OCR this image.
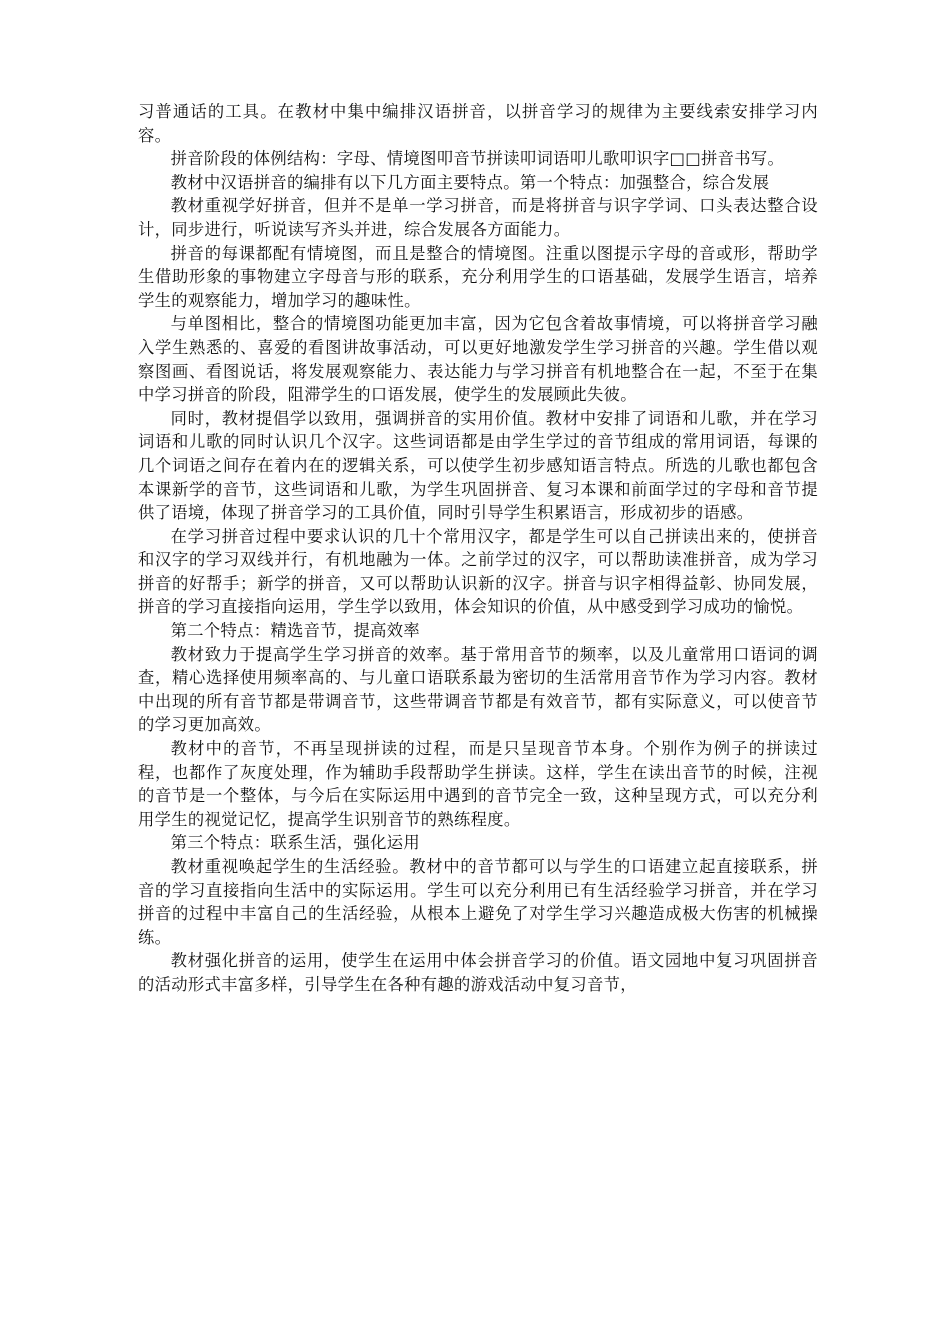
习普通话的工具。在教材中集中编排汉语拼音，以拼音学习的规律为主要线索安排学习内容。

拼音阶段的体例结构：字母、情境图叩音节拼读叩词语叩儿歌叩识字□□拼音书写。

教材中汉语拼音的编排有以下几方面主要特点。第一个特点：加强整合，综合发展

教材重视学好拼音，但并不是单一学习拼音，而是将拼音与识字学词、口头表达整合设计，同步进行，听说读写齐头并进，综合发展各方面能力。

拼音的每课都配有情境图，而且是整合的情境图。注重以图提示字母的音或形，帮助学生借助形象的事物建立字母音与形的联系，充分利用学生的口语基础，发展学生语言，培养学生的观察能力，增加学习的趣味性。

与单图相比，整合的情境图功能更加丰富，因为它包含着故事情境，可以将拼音学习融入学生熟悉的、喜爱的看图讲故事活动，可以更好地激发学生学习拼音的兴趣。学生借以观察图画、看图说话，将发展观察能力、表达能力与学习拼音有机地整合在一起，不至于在集中学习拼音的阶段，阻滞学生的口语发展，使学生的发展顾此失彼。

同时，教材提倡学以致用，强调拼音的实用价值。教材中安排了词语和儿歌，并在学习词语和儿歌的同时认识几个汉字。这些词语都是由学生学过的音节组成的常用词语，每课的几个词语之间存在着内在的逻辑关系，可以使学生初步感知语言特点。所选的儿歌也都包含本课新学的音节，这些词语和儿歌，为学生巩固拼音、复习本课和前面学过的字母和音节提供了语境，体现了拼音学习的工具价值，同时引导学生积累语言，形成初步的语感。

在学习拼音过程中要求认识的几十个常用汉字，都是学生可以自己拼读出来的，使拼音和汉字的学习双线并行，有机地融为一体。之前学过的汉字，可以帮助读准拼音，成为学习拼音的好帮手；新学的拼音，又可以帮助认识新的汉字。拼音与识字相得益彰、协同发展，拼音的学习直接指向运用，学生学以致用，体会知识的价值，从中感受到学习成功的愉悦。

第二个特点：精选音节，提高效率

教材致力于提高学生学习拼音的效率。基于常用音节的频率，以及儿童常用口语词的调查，精心选择使用频率高的、与儿童口语联系最为密切的生活常用音节作为学习内容。教材中出现的所有音节都是带调音节，这些带调音节都是有效音节，都有实际意义，可以使音节的学习更加高效。

教材中的音节，不再呈现拼读的过程，而是只呈现音节本身。个别作为例子的拼读过程，也都作了灰度处理，作为辅助手段帮助学生拼读。这样，学生在读出音节的时候，注视的音节是一个整体，与今后在实际运用中遇到的音节完全一致，这种呈现方式，可以充分利用学生的视觉记忆，提高学生识别音节的熟练程度。

第三个特点：联系生活，强化运用

教材重视唤起学生的生活经验。教材中的音节都可以与学生的口语建立起直接联系，拼音的学习直接指向生活中的实际运用。学生可以充分利用已有生活经验学习拼音，并在学习拼音的过程中丰富自己的生活经验，从根本上避免了对学生学习兴趣造成极大伤害的机械操练。

教材强化拼音的运用，使学生在运用中体会拼音学习的价值。语文园地中复习巩固拼音的活动形式丰富多样，引导学生在各种有趣的游戏活动中复习音节，
